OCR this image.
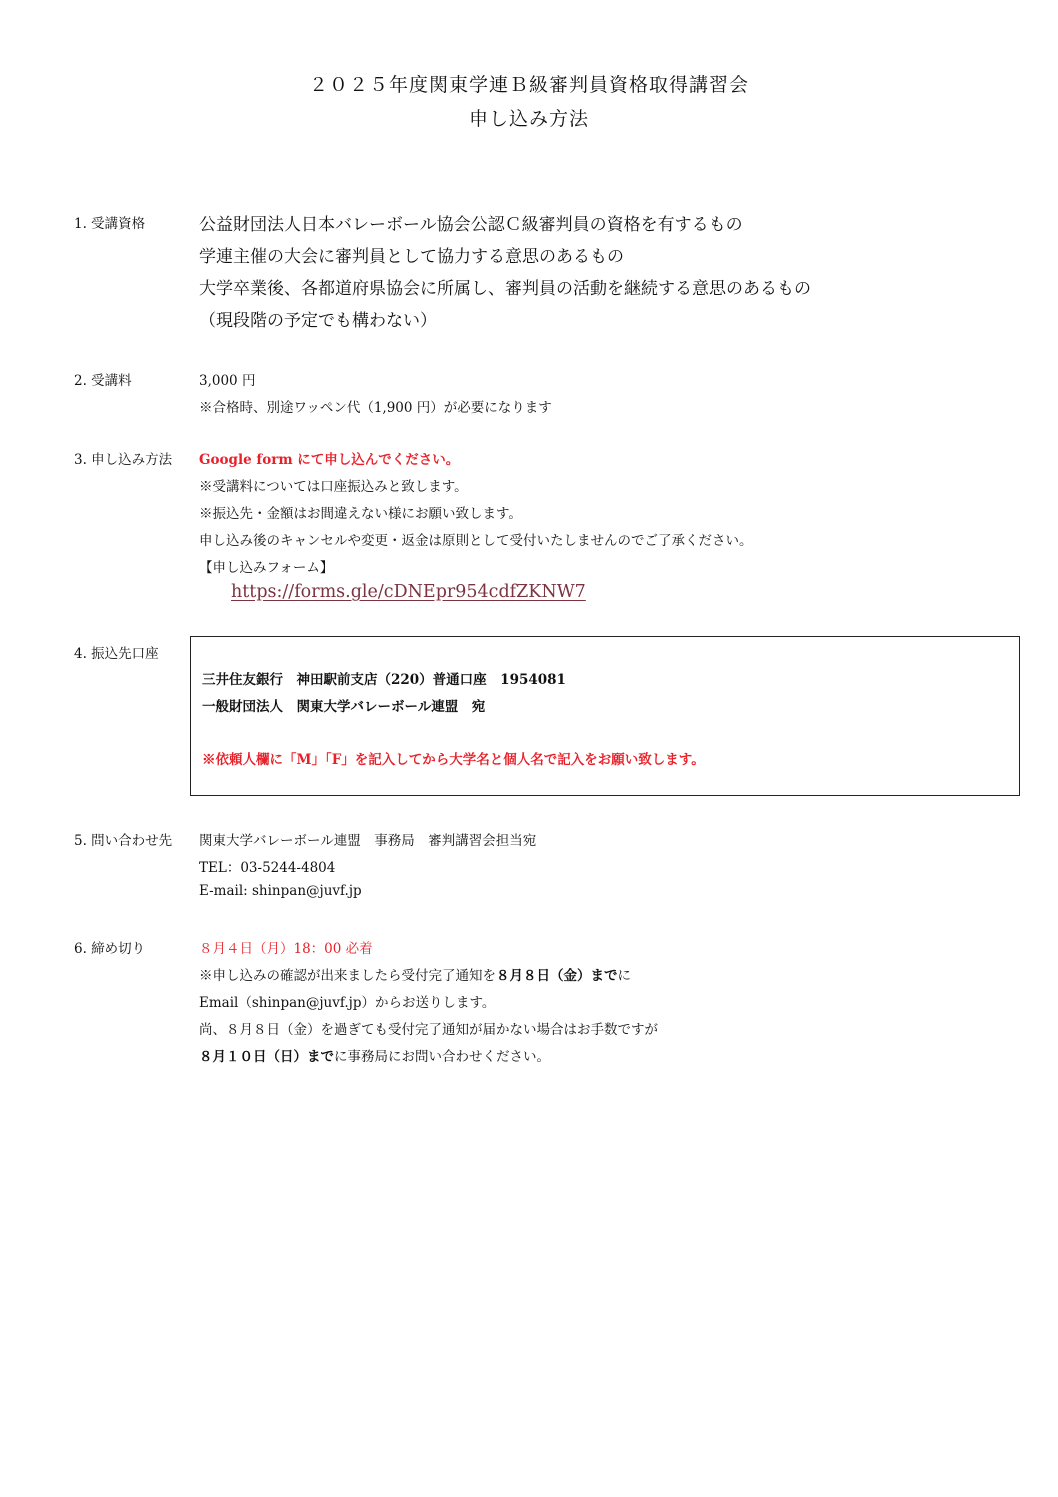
２０２５年度関東学連Ｂ級審判員資格取得講習会
申し込み方法
1. 受講資格	公益財団法人日本バレーボール協会公認Ｃ級審判員の資格を有するもの
学連主催の大会に審判員として協力する意思のあるもの
大学卒業後、各都道府県協会に所属し、審判員の活動を継続する意思のあるもの
（現段階の予定でも構わない）
2. 受講料	3,000 円
※合格時、別途ワッペン代（1,900 円）が必要になります
3. 申し込み方法 Google form にて申し込んでください。
※受講料については口座振込みと致します。
※振込先・金額はお間違えない様にお願い致します。
申し込み後のキャンセルや変更・返金は原則として受付いたしませんのでご了承ください。
【申し込みフォーム】
https://forms.gle/cDNEpr954cdfZKNW7
4. 振込先口座
三井住友銀行　神田駅前支店（220）普通口座　1954081
一般財団法人　関東大学バレーボール連盟　宛
※依頼人欄に「M」「F」を記入してから大学名と個人名で記入をお願い致します。
5. 問い合わせ先 関東大学バレーボール連盟　事務局　審判講習会担当宛
TEL：03-5244-4804
E-mail: shinpan@juvf.jp
6. 締め切り	８月４日（月）18：00 必着
※申し込みの確認が出来ましたら受付完了通知を８月８日（金）までに
Email（shinpan@juvf.jp）からお送りします。
尚、８月８日（金）を過ぎても受付完了通知が届かない場合はお手数ですが
８月１０日（日）までに事務局にお問い合わせください。
